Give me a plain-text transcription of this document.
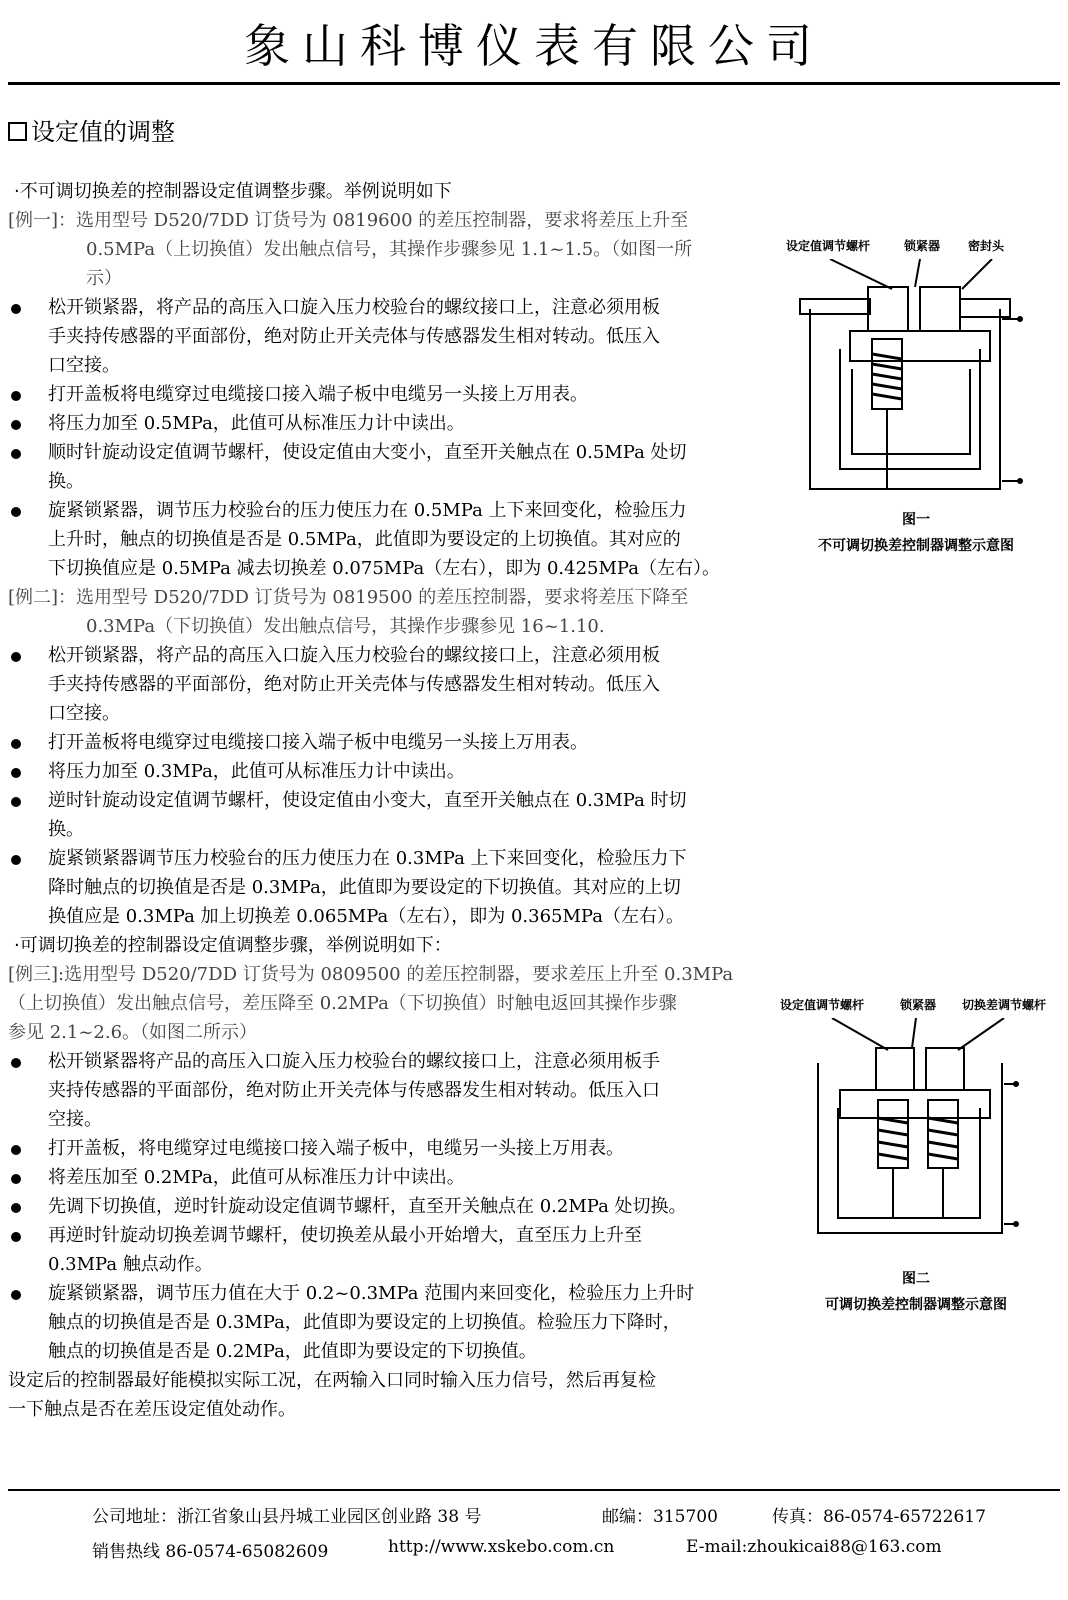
象山科博仪表有限公司
设定值的调整
·不可调切换差的控制器设定值调整步骤。举例说明如下
[例一]：选用型号 D520/7DD 订货号为 0819600 的差压控制器，要求将差压上升至
0.5MPa（上切换值）发出触点信号，其操作步骤参见 1.1~1.5。（如图一所
示）
松开锁紧器，将产品的高压入口旋入压力校验台的螺纹接口上，注意必须用板
手夹持传感器的平面部份，绝对防止开关壳体与传感器发生相对转动。低压入
口空接。
打开盖板将电缆穿过电缆接口接入端子板中电缆另一头接上万用表。
将压力加至 0.5MPa，此值可从标准压力计中读出。
顺时针旋动设定值调节螺杆，使设定值由大变小，直至开关触点在 0.5MPa 处切
换。
旋紧锁紧器，调节压力校验台的压力使压力在 0.5MPa 上下来回变化，检验压力
上升时，触点的切换值是否是 0.5MPa，此值即为要设定的上切换值。其对应的
下切换值应是 0.5MPa 减去切换差 0.075MPa（左右），即为 0.425MPa（左右）。
[例二]：选用型号 D520/7DD 订货号为 0819500 的差压控制器，要求将差压下降至
0.3MPa（下切换值）发出触点信号，其操作步骤参见 16~1.10.
松开锁紧器，将产品的高压入口旋入压力校验台的螺纹接口上，注意必须用板
手夹持传感器的平面部份，绝对防止开关壳体与传感器发生相对转动。低压入
口空接。
打开盖板将电缆穿过电缆接口接入端子板中电缆另一头接上万用表。
将压力加至 0.3MPa，此值可从标准压力计中读出。
逆时针旋动设定值调节螺杆，使设定值由小变大，直至开关触点在 0.3MPa 时切
换。
旋紧锁紧器调节压力校验台的压力使压力在 0.3MPa 上下来回变化，检验压力下
降时触点的切换值是否是 0.3MPa，此值即为要设定的下切换值。其对应的上切
换值应是 0.3MPa 加上切换差 0.065MPa（左右），即为 0.365MPa（左右）。
·可调切换差的控制器设定值调整步骤，举例说明如下：
[例三]:选用型号 D520/7DD 订货号为 0809500 的差压控制器，要求差压上升至 0.3MPa
（上切换值）发出触点信号，差压降至 0.2MPa（下切换值）时触电返回其操作步骤
参见 2.1~2.6。（如图二所示）
松开锁紧器将产品的高压入口旋入压力校验台的螺纹接口上，注意必须用板手
夹持传感器的平面部份，绝对防止开关壳体与传感器发生相对转动。低压入口
空接。
打开盖板，将电缆穿过电缆接口接入端子板中，电缆另一头接上万用表。
将差压加至 0.2MPa，此值可从标准压力计中读出。
先调下切换值，逆时针旋动设定值调节螺杆，直至开关触点在 0.2MPa 处切换。
再逆时针旋动切换差调节螺杆，使切换差从最小开始增大，直至压力上升至
0.3MPa 触点动作。
旋紧锁紧器，调节压力值在大于 0.2~0.3MPa 范围内来回变化，检验压力上升时
触点的切换值是否是 0.3MPa，此值即为要设定的上切换值。检验压力下降时，
触点的切换值是否是 0.2MPa，此值即为要设定的下切换值。
设定后的控制器最好能模拟实际工况，在两输入口同时输入压力信号，然后再复检
一下触点是否在差压设定值处动作。
设定值调节螺杆	锁紧器 密封头
图一
不可调切换差控制器调整示意图
设定值调节螺杆	锁紧器 切换差调节螺杆
图二
可调切换差控制器调整示意图
公司地址：浙江省象山县丹城工业园区创业路 38 号	邮编：315700	传真：86-0574-65722617
销售热线 86-0574-65082609	http://www.xskebo.com.cn	E-mail:zhoukicai88@163.com
